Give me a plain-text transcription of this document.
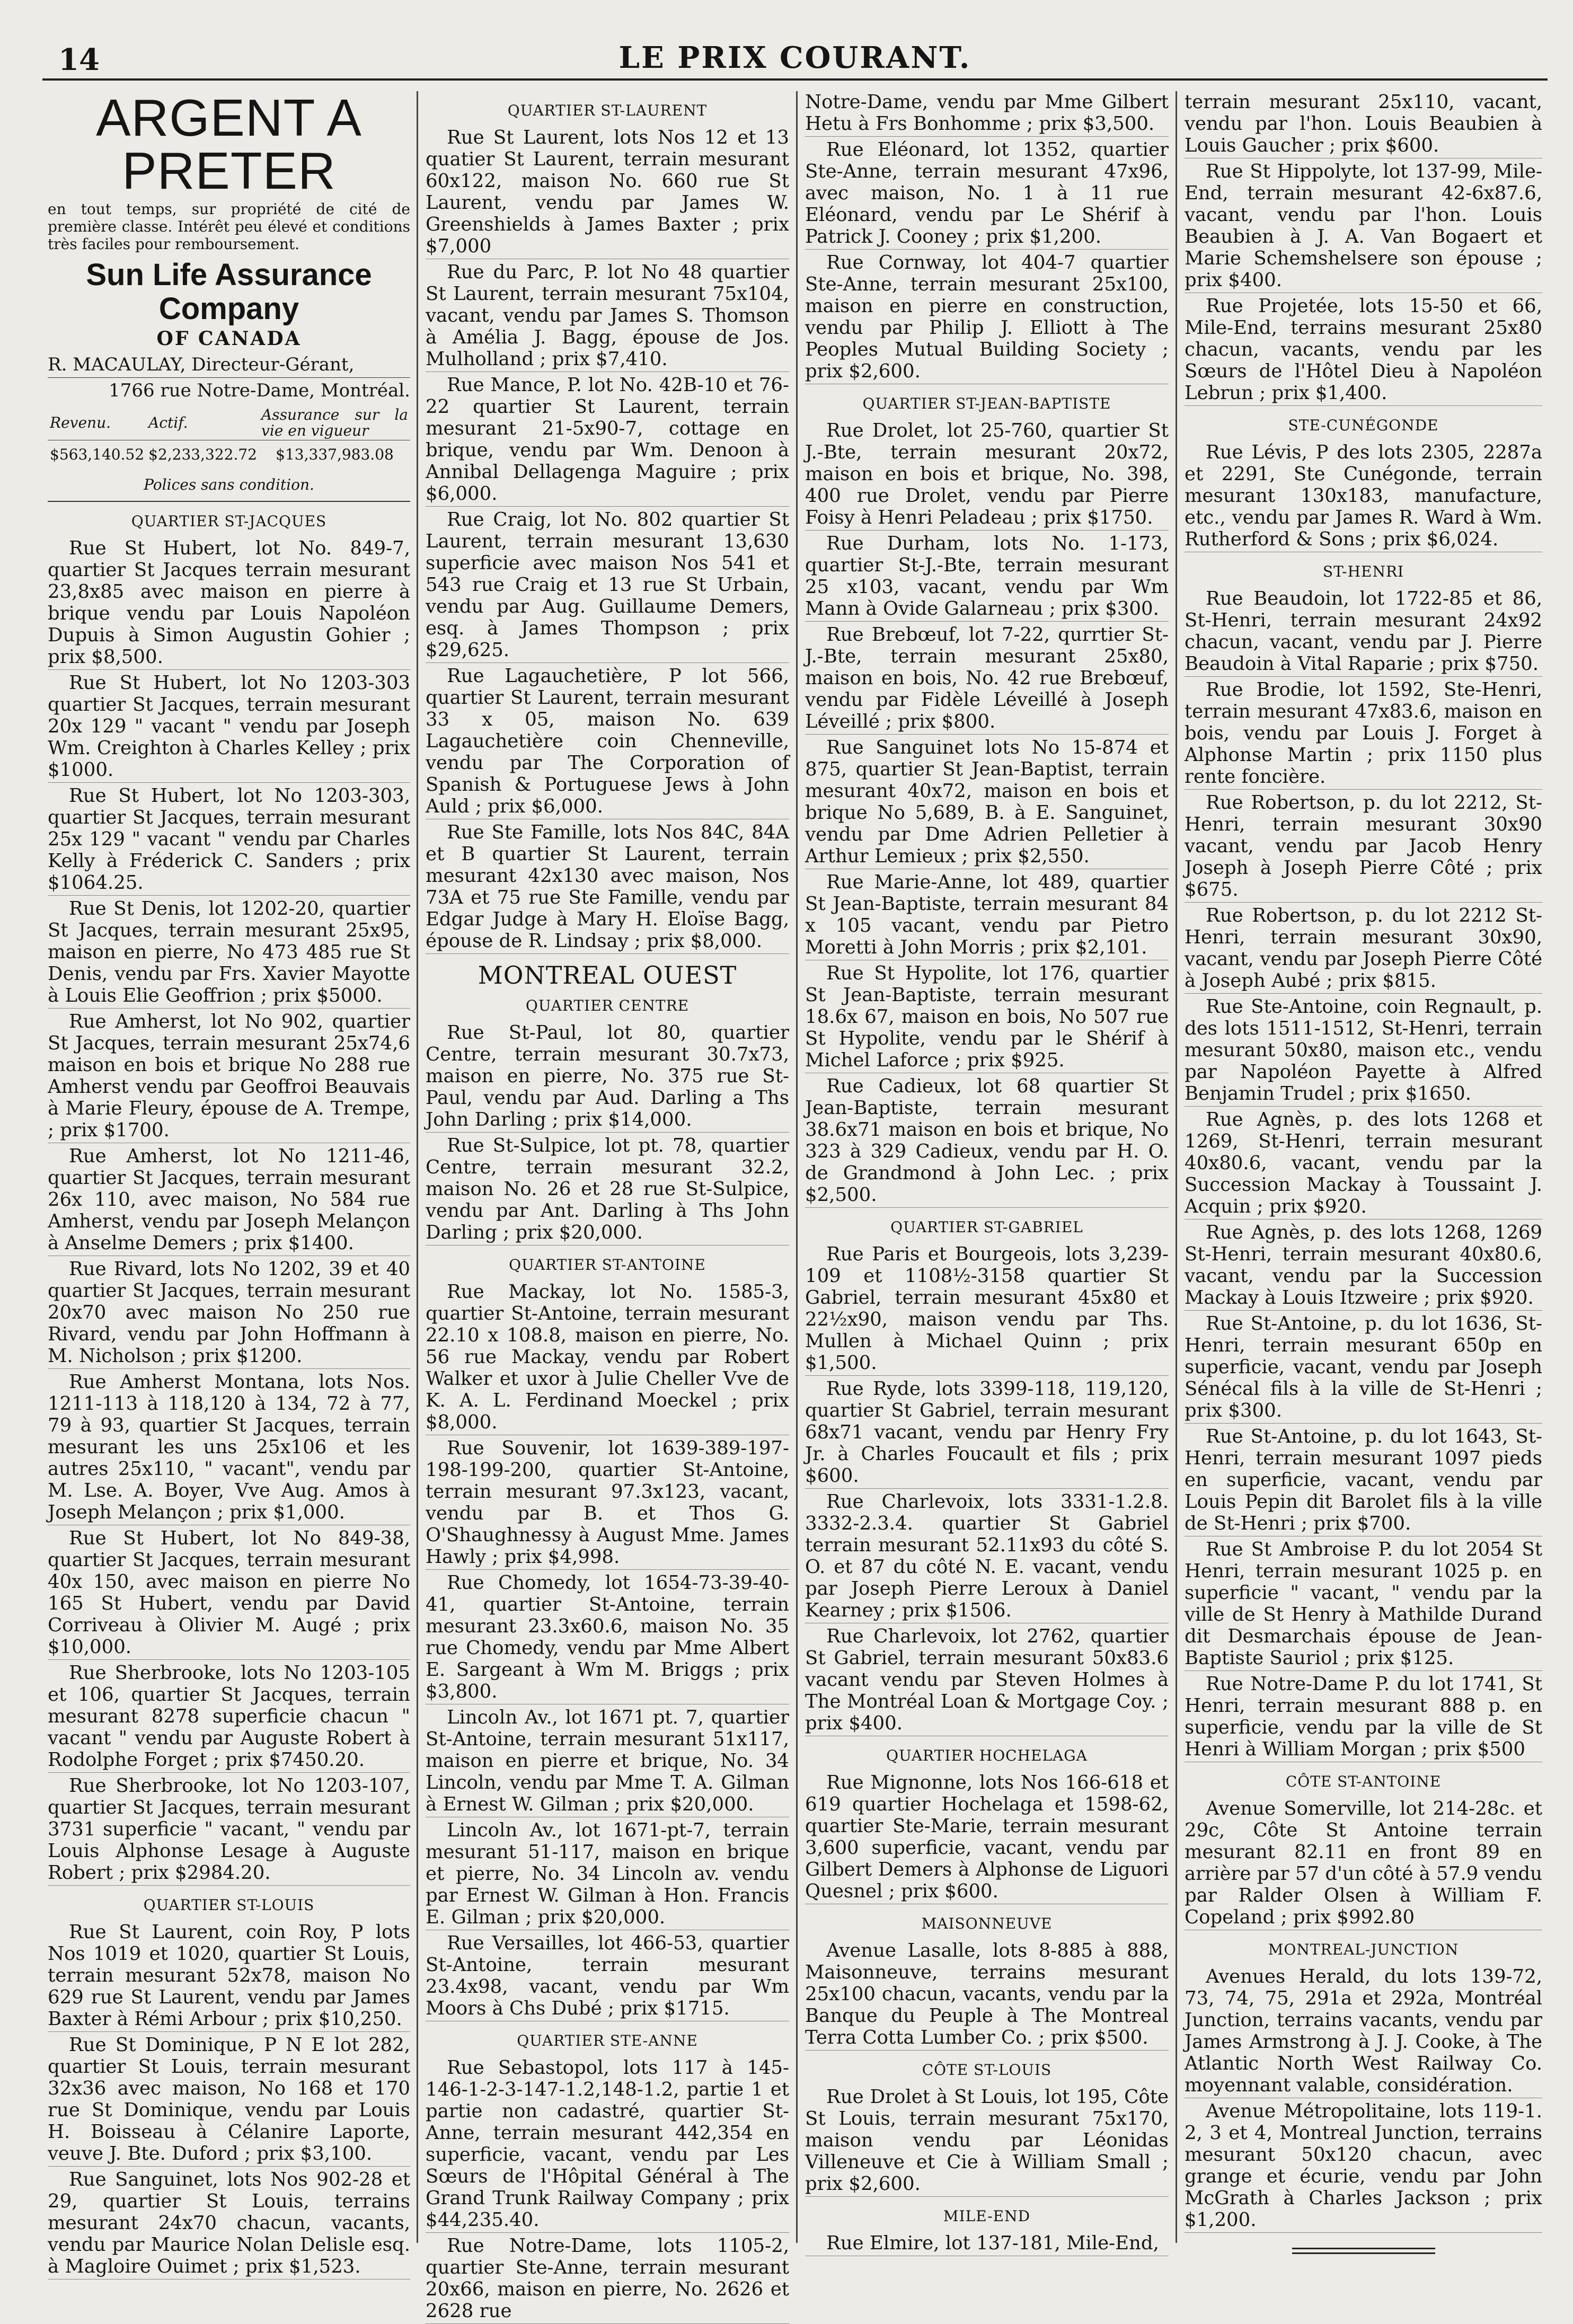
14	LE PRIX COURANT.
ARGENT A PRETER
en tout temps, sur propriété de cité de première classe. Intérêt peu élevé et conditions très faciles pour remboursement.
Sun Life Assurance Company
OF CANADA
R. MACAULAY, Directeur-Gérant,
1766 rue Notre-Dame, Montréal.
Revenu.	Actif.	Assurance sur la vie en vigueur
$563,140.52	$2,233,322.72	$13,337,983.08
Polices sans condition.
QUARTIER ST-JACQUES
Rue St Hubert, lot No. 849-7, quartier St Jacques terrain mesurant 23,8x85 avec maison en pierre à brique vendu par Louis Napoléon Dupuis à Simon Augustin Gohier ; prix $8,500.
Rue St Hubert, lot No 1203-303 quartier St Jacques, terrain mesurant 20x 129 " vacant " vendu par Joseph Wm. Creighton à Charles Kelley ; prix $1000.
Rue St Hubert, lot No 1203-303, quartier St Jacques, terrain mesurant 25x 129 " vacant " vendu par Charles Kelly à Fréderick C. Sanders ; prix $1064.25.
Rue St Denis, lot 1202-20, quartier St Jacques, terrain mesurant 25x95, maison en pierre, No 473 485 rue St Denis, vendu par Frs. Xavier Mayotte à Louis Elie Geoffrion ; prix $5000.
Rue Amherst, lot No 902, quartier St Jacques, terrain mesurant 25x74,6 maison en bois et brique No 288 rue Amherst vendu par Geoffroi Beauvais à Marie Fleury, épouse de A. Trempe, ; prix $1700.
Rue Amherst, lot No 1211-46, quartier St Jacques, terrain mesurant 26x 110, avec maison, No 584 rue Amherst, vendu par Joseph Melançon à Anselme Demers ; prix $1400.
Rue Rivard, lots No 1202, 39 et 40 quartier St Jacques, terrain mesurant 20x70 avec maison No 250 rue Rivard, vendu par John Hoffmann à M. Nicholson ; prix $1200.
Rue Amherst Montana, lots Nos. 1211-113 à 118,120 à 134, 72 à 77, 79 à 93, quartier St Jacques, terrain mesurant les uns 25x106 et les autres 25x110, " vacant", vendu par M. Lse. A. Boyer, Vve Aug. Amos à Joseph Melançon ; prix $1,000.
Rue St Hubert, lot No 849-38, quartier St Jacques, terrain mesurant 40x 150, avec maison en pierre No 165 St Hubert, vendu par David Corriveau à Olivier M. Augé ; prix $10,000.
Rue Sherbrooke, lots No 1203-105 et 106, quartier St Jacques, terrain mesurant 8278 superficie chacun " vacant " vendu par Auguste Robert à Rodolphe Forget ; prix $7450.20.
Rue Sherbrooke, lot No 1203-107, quartier St Jacques, terrain mesurant 3731 superficie " vacant, " vendu par Louis Alphonse Lesage à Auguste Robert ; prix $2984.20.
QUARTIER ST-LOUIS
Rue St Laurent, coin Roy, P lots Nos 1019 et 1020, quartier St Louis, terrain mesurant 52x78, maison No 629 rue St Laurent, vendu par James Baxter à Rémi Arbour ; prix $10,250.
Rue St Dominique, P N E lot 282, quartier St Louis, terrain mesurant 32x36 avec maison, No 168 et 170 rue St Dominique, vendu par Louis H. Boisseau à Célanire Laporte, veuve J. Bte. Duford ; prix $3,100.
Rue Sanguinet, lots Nos 902-28 et 29, quartier St Louis, terrains mesurant 24x70 chacun, vacants, vendu par Maurice Nolan Delisle esq. à Magloire Ouimet ; prix $1,523.
QUARTIER ST-LAURENT
Rue St Laurent, lots Nos 12 et 13 quatier St Laurent, terrain mesurant 60x122, maison No. 660 rue St Laurent, vendu par James W. Greenshields à James Baxter ; prix $7,000
Rue du Parc, P. lot No 48 quartier St Laurent, terrain mesurant 75x104, vacant, vendu par James S. Thomson à Amélia J. Bagg, épouse de Jos. Mulholland ; prix $7,410.
Rue Mance, P. lot No. 42B-10 et 76-22 quartier St Laurent, terrain mesurant 21-5x90-7, cottage en brique, vendu par Wm. Denoon à Annibal Dellagenga Maguire ; prix $6,000.
Rue Craig, lot No. 802 quartier St Laurent, terrain mesurant 13,630 superficie avec maison Nos 541 et 543 rue Craig et 13 rue St Urbain, vendu par Aug. Guillaume Demers, esq. à James Thompson ; prix $29,625.
Rue Lagauchetière, P lot 566, quartier St Laurent, terrain mesurant 33 x 05, maison No. 639 Lagauchetière coin Chenneville, vendu par The Corporation of Spanish & Portuguese Jews à John Auld ; prix $6,000.
Rue Ste Famille, lots Nos 84C, 84A et B quartier St Laurent, terrain mesurant 42x130 avec maison, Nos 73A et 75 rue Ste Famille, vendu par Edgar Judge à Mary H. Eloïse Bagg, épouse de R. Lindsay ; prix $8,000.
MONTREAL OUEST
QUARTIER CENTRE
Rue St-Paul, lot 80, quartier Centre, terrain mesurant 30.7x73, maison en pierre, No. 375 rue St-Paul, vendu par Aud. Darling a Ths John Darling ; prix $14,000.
Rue St-Sulpice, lot pt. 78, quartier Centre, terrain mesurant 32.2, maison No. 26 et 28 rue St-Sulpice, vendu par Ant. Darling à Ths John Darling ; prix $20,000.
QUARTIER ST-ANTOINE
Rue Mackay, lot No. 1585-3, quartier St-Antoine, terrain mesurant 22.10 x 108.8, maison en pierre, No. 56 rue Mackay, vendu par Robert Walker et uxor à Julie Cheller Vve de K. A. L. Ferdinand Moeckel ; prix $8,000.
Rue Souvenir, lot 1639-389-197-198-199-200, quartier St-Antoine, terrain mesurant 97.3x123, vacant, vendu par B. et Thos G. O'Shaughnessy à August Mme. James Hawly ; prix $4,998.
Rue Chomedy, lot 1654-73-39-40-41, quartier St-Antoine, terrain mesurant 23.3x60.6, maison No. 35 rue Chomedy, vendu par Mme Albert E. Sargeant à Wm M. Briggs ; prix $3,800.
Lincoln Av., lot 1671 pt. 7, quartier St-Antoine, terrain mesurant 51x117, maison en pierre et brique, No. 34 Lincoln, vendu par Mme T. A. Gilman à Ernest W. Gilman ; prix $20,000.
Lincoln Av., lot 1671-pt-7, terrain mesurant 51-117, maison en brique et pierre, No. 34 Lincoln av. vendu par Ernest W. Gilman à Hon. Francis E. Gilman ; prix $20,000.
Rue Versailles, lot 466-53, quartier St-Antoine, terrain mesurant 23.4x98, vacant, vendu par Wm Moors à Chs Dubé ; prix $1715.
QUARTIER STE-ANNE
Rue Sebastopol, lots 117 à 145-146-1-2-3-147-1.2,148-1.2, partie 1 et partie non cadastré, quartier St-Anne, terrain mesurant 442,354 en superficie, vacant, vendu par Les Sœurs de l'Hôpital Général à The Grand Trunk Railway Company ; prix $44,235.40.
Rue Notre-Dame, lots 1105-2, quartier Ste-Anne, terrain mesurant 20x66, maison en pierre, No. 2626 et 2628 rue
Notre-Dame, vendu par Mme Gilbert Hetu à Frs Bonhomme ; prix $3,500.
Rue Eléonard, lot 1352, quartier Ste-Anne, terrain mesurant 47x96, avec maison, No. 1 à 11 rue Eléonard, vendu par Le Shérif à Patrick J. Cooney ; prix $1,200.
Rue Cornway, lot 404-7 quartier Ste-Anne, terrain mesurant 25x100, maison en pierre en construction, vendu par Philip J. Elliott à The Peoples Mutual Building Society ; prix $2,600.
QUARTIER ST-JEAN-BAPTISTE
Rue Drolet, lot 25-760, quartier St J.-Bte, terrain mesurant 20x72, maison en bois et brique, No. 398, 400 rue Drolet, vendu par Pierre Foisy à Henri Peladeau ; prix $1750.
Rue Durham, lots No. 1-173, quartier St-J.-Bte, terrain mesurant 25 x103, vacant, vendu par Wm Mann à Ovide Galarneau ; prix $300.
Rue Brebœuf, lot 7-22, qurrtier St-J.-Bte, terrain mesurant 25x80, maison en bois, No. 42 rue Brebœuf, vendu par Fidèle Léveillé à Joseph Léveillé ; prix $800.
Rue Sanguinet lots No 15-874 et 875, quartier St Jean-Baptist, terrain mesurant 40x72, maison en bois et brique No 5,689, B. à E. Sanguinet, vendu par Dme Adrien Pelletier à Arthur Lemieux ; prix $2,550.
Rue Marie-Anne, lot 489, quartier St Jean-Baptiste, terrain mesurant 84 x 105 vacant, vendu par Pietro Moretti à John Morris ; prix $2,101.
Rue St Hypolite, lot 176, quartier St Jean-Baptiste, terrain mesurant 18.6x 67, maison en bois, No 507 rue St Hypolite, vendu par le Shérif à Michel Laforce ; prix $925.
Rue Cadieux, lot 68 quartier St Jean-Baptiste, terrain mesurant 38.6x71 maison en bois et brique, No 323 à 329 Cadieux, vendu par H. O. de Grandmond à John Lec. ; prix $2,500.
QUARTIER ST-GABRIEL
Rue Paris et Bourgeois, lots 3,239-109 et 1108½-3158 quartier St Gabriel, terrain mesurant 45x80 et 22½x90, maison vendu par Ths. Mullen à Michael Quinn ; prix $1,500.
Rue Ryde, lots 3399-118, 119,120, quartier St Gabriel, terrain mesurant 68x71 vacant, vendu par Henry Fry Jr. à Charles Foucault et fils ; prix $600.
Rue Charlevoix, lots 3331-1.2.8. 3332-2.3.4. quartier St Gabriel terrain mesurant 52.11x93 du côté S. O. et 87 du côté N. E. vacant, vendu par Joseph Pierre Leroux à Daniel Kearney ; prix $1506.
Rue Charlevoix, lot 2762, quartier St Gabriel, terrain mesurant 50x83.6 vacant vendu par Steven Holmes à The Montréal Loan & Mortgage Coy. ; prix $400.
QUARTIER HOCHELAGA
Rue Mignonne, lots Nos 166-618 et 619 quartier Hochelaga et 1598-62, quartier Ste-Marie, terrain mesurant 3,600 superficie, vacant, vendu par Gilbert Demers à Alphonse de Liguori Quesnel ; prix $600.
MAISONNEUVE
Avenue Lasalle, lots 8-885 à 888, Maisonneuve, terrains mesurant 25x100 chacun, vacants, vendu par la Banque du Peuple à The Montreal Terra Cotta Lumber Co. ; prix $500.
CÔTE ST-LOUIS
Rue Drolet à St Louis, lot 195, Côte St Louis, terrain mesurant 75x170, maison vendu par Léonidas Villeneuve et Cie à William Small ; prix $2,600.
MILE-END
Rue Elmire, lot 137-181, Mile-End,
terrain mesurant 25x110, vacant, vendu par l'hon. Louis Beaubien à Louis Gaucher ; prix $600.
Rue St Hippolyte, lot 137-99, Mile-End, terrain mesurant 42-6x87.6, vacant, vendu par l'hon. Louis Beaubien à J. A. Van Bogaert et Marie Schemshelsere son épouse ; prix $400.
Rue Projetée, lots 15-50 et 66, Mile-End, terrains mesurant 25x80 chacun, vacants, vendu par les Sœurs de l'Hôtel Dieu à Napoléon Lebrun ; prix $1,400.
STE-CUNÉGONDE
Rue Lévis, P des lots 2305, 2287a et 2291, Ste Cunégonde, terrain mesurant 130x183, manufacture, etc., vendu par James R. Ward à Wm. Rutherford & Sons ; prix $6,024.
ST-HENRI
Rue Beaudoin, lot 1722-85 et 86, St-Henri, terrain mesurant 24x92 chacun, vacant, vendu par J. Pierre Beaudoin à Vital Raparie ; prix $750.
Rue Brodie, lot 1592, Ste-Henri, terrain mesurant 47x83.6, maison en bois, vendu par Louis J. Forget à Alphonse Martin ; prix 1150 plus rente foncière.
Rue Robertson, p. du lot 2212, St-Henri, terrain mesurant 30x90 vacant, vendu par Jacob Henry Joseph à Joseph Pierre Côté ; prix $675.
Rue Robertson, p. du lot 2212 St-Henri, terrain mesurant 30x90, vacant, vendu par Joseph Pierre Côté à Joseph Aubé ; prix $815.
Rue Ste-Antoine, coin Regnault, p. des lots 1511-1512, St-Henri, terrain mesurant 50x80, maison etc., vendu par Napoléon Payette à Alfred Benjamin Trudel ; prix $1650.
Rue Agnès, p. des lots 1268 et 1269, St-Henri, terrain mesurant 40x80.6, vacant, vendu par la Succession Mackay à Toussaint J. Acquin ; prix $920.
Rue Agnès, p. des lots 1268, 1269 St-Henri, terrain mesurant 40x80.6, vacant, vendu par la Succession Mackay à Louis Itzweire ; prix $920.
Rue St-Antoine, p. du lot 1636, St-Henri, terrain mesurant 650p en superficie, vacant, vendu par Joseph Sénécal fils à la ville de St-Henri ; prix $300.
Rue St-Antoine, p. du lot 1643, St-Henri, terrain mesurant 1097 pieds en superficie, vacant, vendu par Louis Pepin dit Barolet fils à la ville de St-Henri ; prix $700.
Rue St Ambroise P. du lot 2054 St Henri, terrain mesurant 1025 p. en superficie " vacant, " vendu par la ville de St Henry à Mathilde Durand dit Desmarchais épouse de Jean-Baptiste Sauriol ; prix $125.
Rue Notre-Dame P. du lot 1741, St Henri, terrain mesurant 888 p. en superficie, vendu par la ville de St Henri à William Morgan ; prix $500
CÔTE ST-ANTOINE
Avenue Somerville, lot 214-28c. et 29c, Côte St Antoine terrain mesurant 82.11 en front 89 en arrière par 57 d'un côté à 57.9 vendu par Ralder Olsen à William F. Copeland ; prix $992.80
MONTREAL-JUNCTION
Avenues Herald, du lots 139-72, 73, 74, 75, 291a et 292a, Montréal Junction, terrains vacants, vendu par James Armstrong à J. J. Cooke, à The Atlantic North West Railway Co. moyennant valable, considération.
Avenue Métropolitaine, lots 119-1. 2, 3 et 4, Montreal Junction, terrains mesurant 50x120 chacun, avec grange et écurie, vendu par John McGrath à Charles Jackson ; prix $1,200.
